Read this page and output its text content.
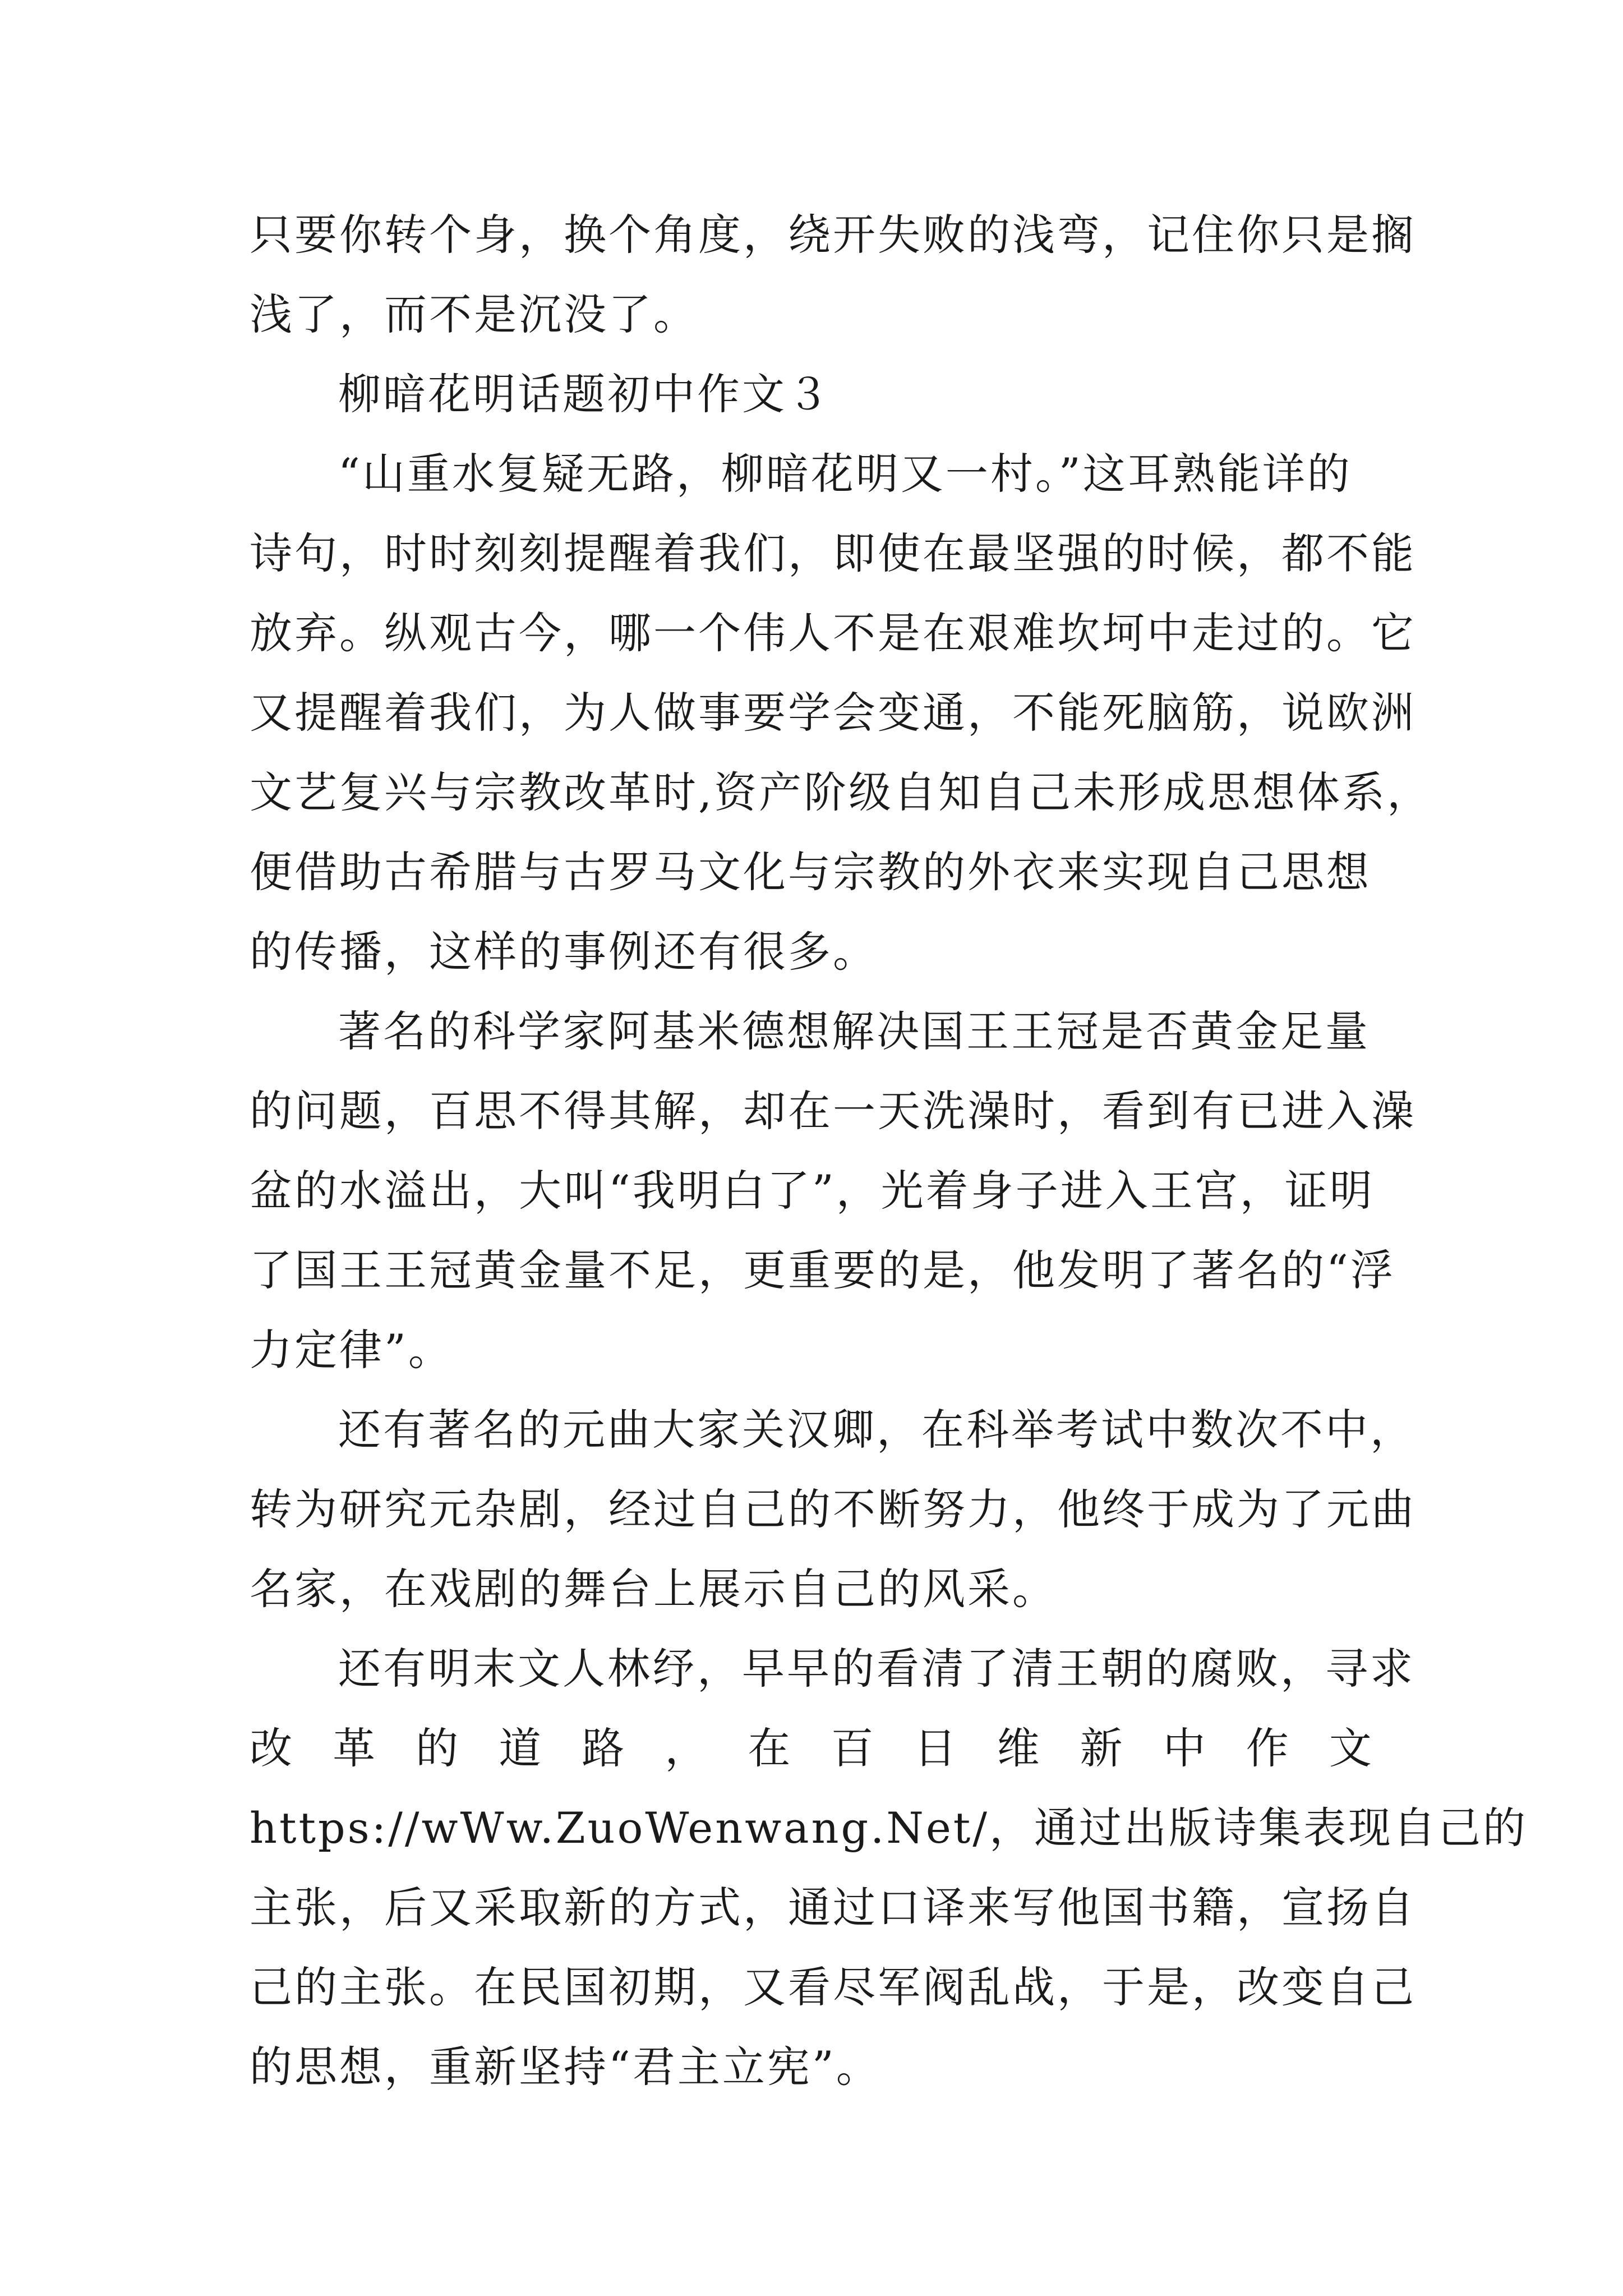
只要你转个身，换个角度，绕开失败的浅弯，记住你只是搁
浅了，而不是沉没了。
柳暗花明话题初中作文３
“山重水复疑无路，柳暗花明又一村。”这耳熟能详的
诗句，时时刻刻提醒着我们，即使在最坚强的时候，都不能
放弃。纵观古今，哪一个伟人不是在艰难坎坷中走过的。它
又提醒着我们，为人做事要学会变通，不能死脑筋，说欧洲
文艺复兴与宗教改革时,资产阶级自知自己未形成思想体系，
便借助古希腊与古罗马文化与宗教的外衣来实现自己思想
的传播，这样的事例还有很多。
著名的科学家阿基米德想解决国王王冠是否黄金足量
的问题，百思不得其解，却在一天洗澡时，看到有已进入澡
盆的水溢出，大叫“我明白了”，光着身子进入王宫，证明
了国王王冠黄金量不足，更重要的是，他发明了著名的“浮
力定律”。
还有著名的元曲大家关汉卿，在科举考试中数次不中，
转为研究元杂剧，经过自己的不断努力，他终于成为了元曲
名家，在戏剧的舞台上展示自己的风采。
还有明末文人林纾，早早的看清了清王朝的腐败，寻求
改 革 的 道 路 ， 在 百 日 维 新 中 作 文
https://wWw.ZuoWenwang.Net/，通过出版诗集表现自己的
主张，后又采取新的方式，通过口译来写他国书籍，宣扬自
己的主张。在民国初期，又看尽军阀乱战，于是，改变自己
的思想，重新坚持“君主立宪”。
